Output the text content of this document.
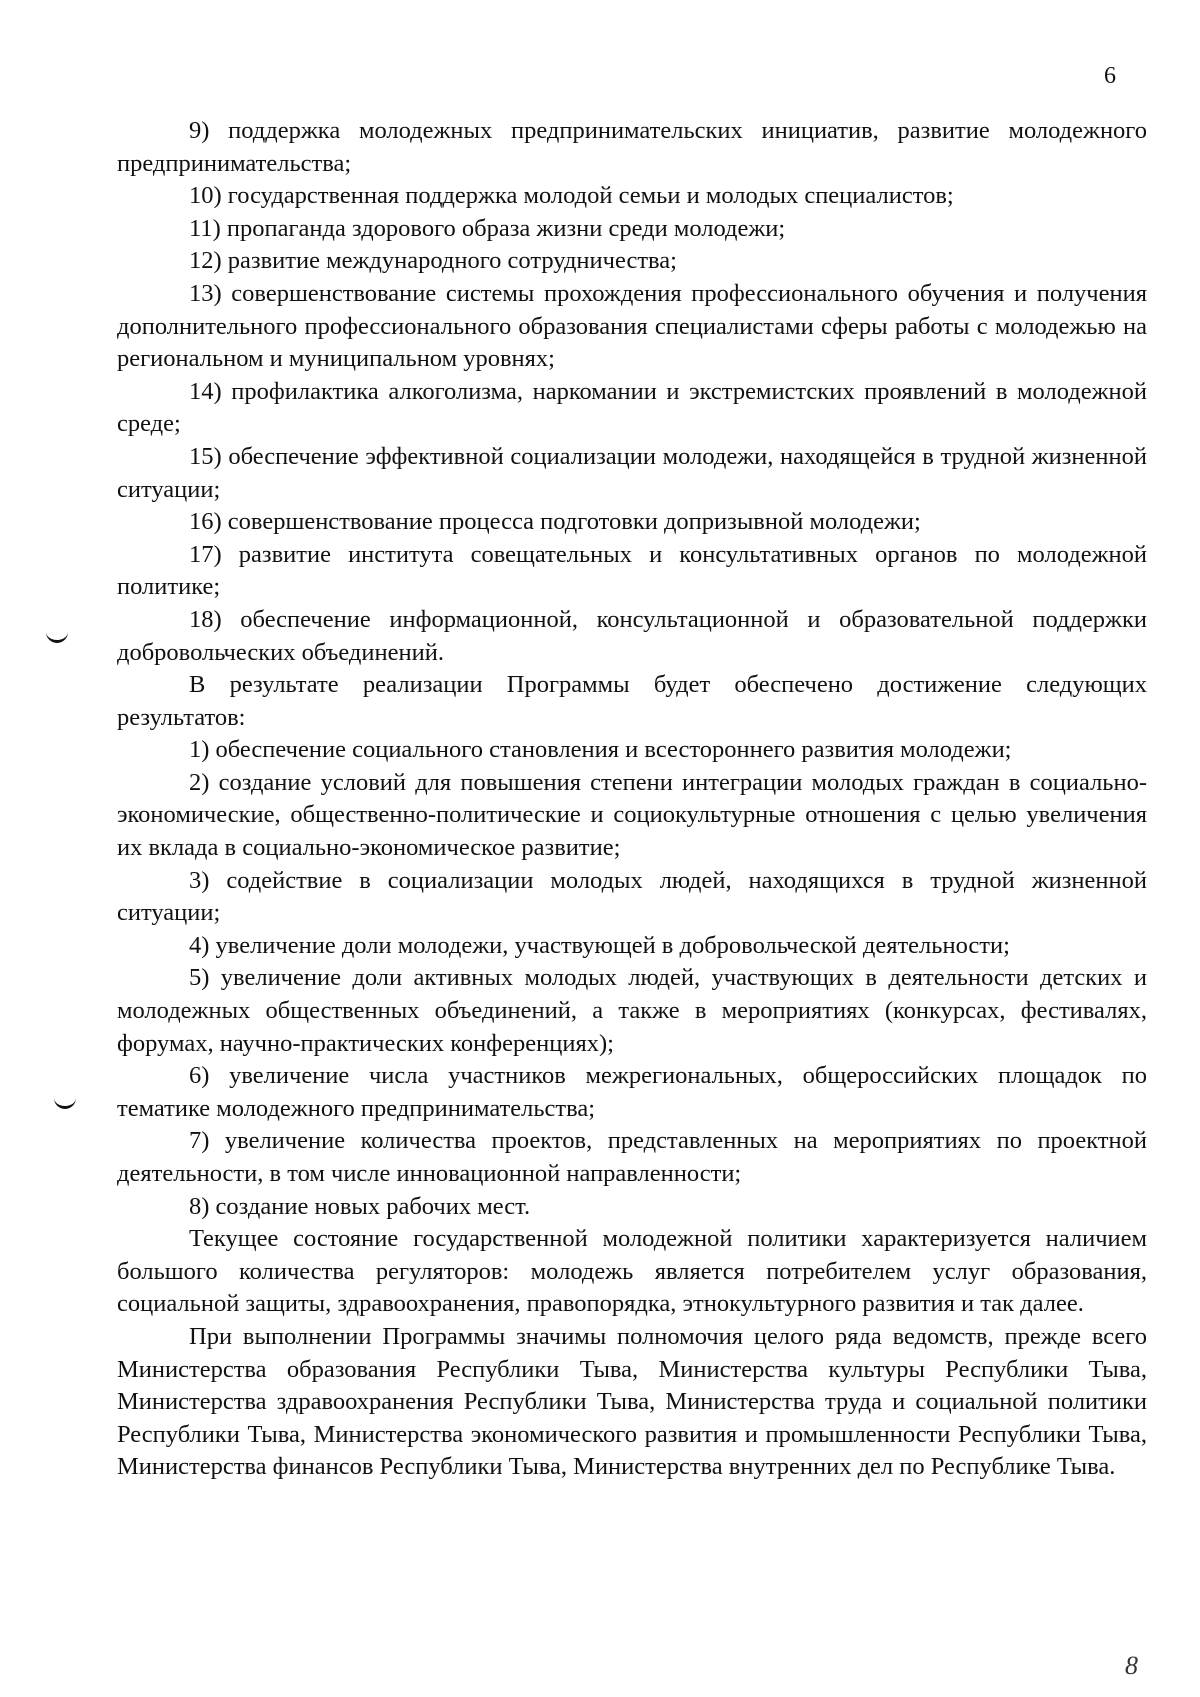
6

9) поддержка молодежных предпринимательских инициатив, развитие молодежного предпринимательства;

10) государственная поддержка молодой семьи и молодых специалистов;

11) пропаганда здорового образа жизни среди молодежи;

12) развитие международного сотрудничества;

13) совершенствование системы прохождения профессионального обучения и получения дополнительного профессионального образования специалистами сферы работы с молодежью на региональном и муниципальном уровнях;

14) профилактика алкоголизма, наркомании и экстремистских проявлений в молодежной среде;

15) обеспечение эффективной социализации молодежи, находящейся в трудной жизненной ситуации;

16) совершенствование процесса подготовки допризывной молодежи;

17) развитие института совещательных и консультативных органов по молодежной политике;

18) обеспечение информационной, консультационной и образовательной поддержки добровольческих объединений.

В результате реализации Программы будет обеспечено достижение следующих результатов:

1) обеспечение социального становления и всестороннего развития молодежи;

2) создание условий для повышения степени интеграции молодых граждан в социально-экономические, общественно-политические и социокультурные отношения с целью увеличения их вклада в социально-экономическое развитие;

3) содействие в социализации молодых людей, находящихся в трудной жизненной ситуации;

4) увеличение доли молодежи, участвующей в добровольческой деятельности;

5) увеличение доли активных молодых людей, участвующих в деятельности детских и молодежных общественных объединений, а также в мероприятиях (конкурсах, фестивалях, форумах, научно-практических конференциях);

6) увеличение числа участников межрегиональных, общероссийских площадок по тематике молодежного предпринимательства;

7) увеличение количества проектов, представленных на мероприятиях по проектной деятельности, в том числе инновационной направленности;

8) создание новых рабочих мест.

Текущее состояние государственной молодежной политики характеризуется наличием большого количества регуляторов: молодежь является потребителем услуг образования, социальной защиты, здравоохранения, правопорядка, этнокультурного развития и так далее.

При выполнении Программы значимы полномочия целого ряда ведомств, прежде всего Министерства образования Республики Тыва, Министерства культуры Республики Тыва, Министерства здравоохранения Республики Тыва, Министерства труда и социальной политики Республики Тыва, Министерства экономического развития и промышленности Республики Тыва, Министерства финансов Республики Тыва, Министерства внутренних дел по Республике Тыва.

8
